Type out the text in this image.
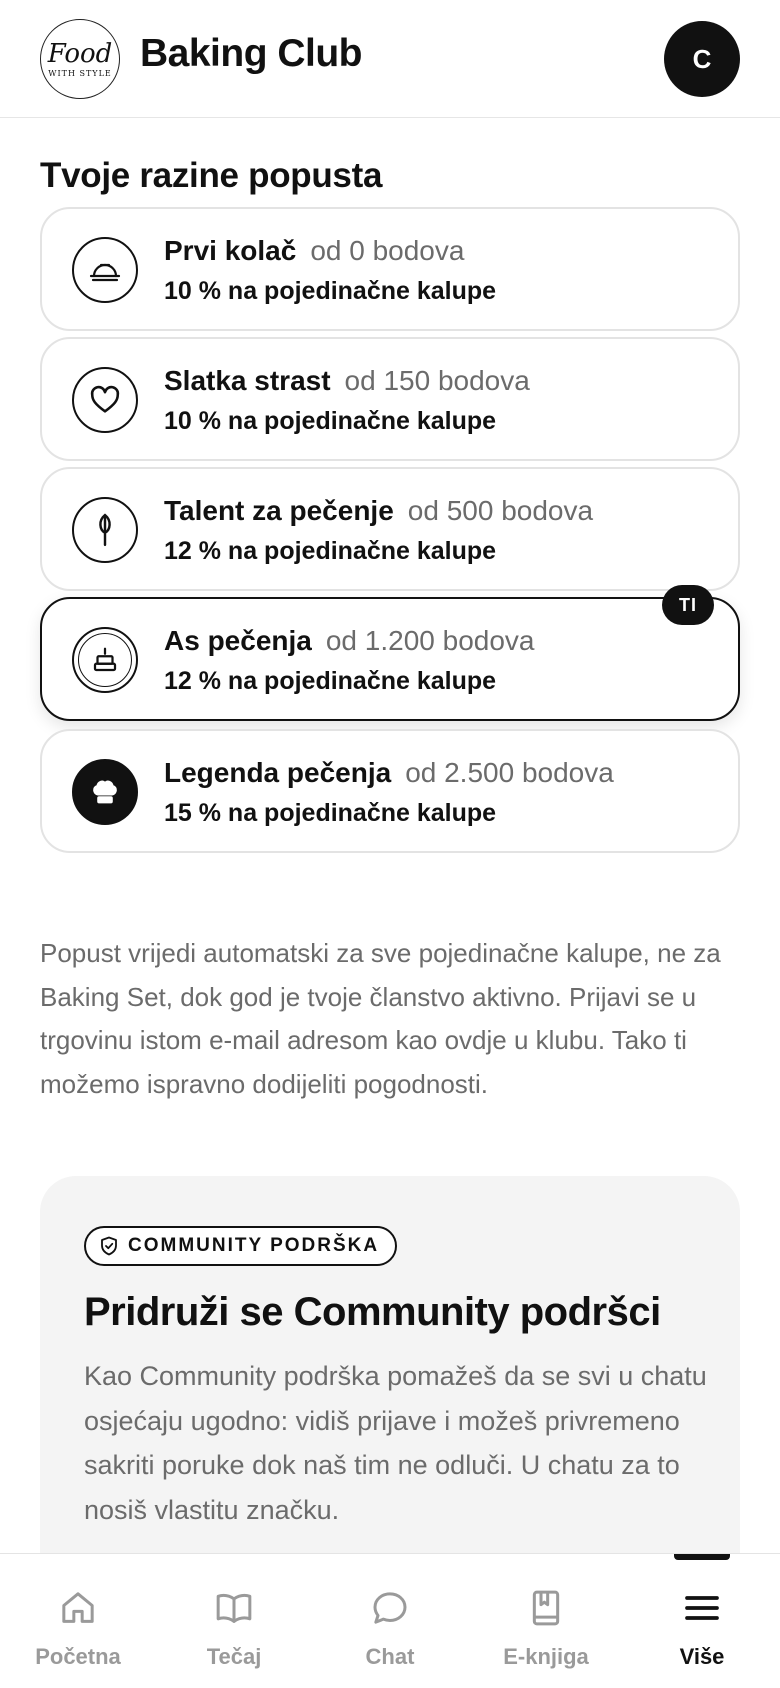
Food
WITH STYLE Baking Club	C
Tvoje razine popusta
Prvi kolač od 0 bodova
10 % na pojedinačne kalupe
Slatka strast od 150 bodova
10 % na pojedinačne kalupe
Talent za pečenje od 500 bodova
12 % na pojedinačne kalupe
TI
As pečenja od 1.200 bodova
12 % na pojedinačne kalupe
Legenda pečenja od 2.500 bodova
15 % na pojedinačne kalupe
Popust vrijedi automatski za sve pojedinačne kalupe, ne za Baking Set, dok god je tvoje članstvo aktivno. Prijavi se u trgovinu istom e-mail adresom kao ovdje u klubu. Tako ti možemo ispravno dodijeliti pogodnosti.
COMMUNITY PODRŠKA
Pridruži se Community podršci
Kao Community podrška pomažeš da se svi u chatu osjećaju ugodno: vidiš prijave i možeš privremeno sakriti poruke dok naš tim ne odluči. U chatu za to nosiš vlastitu značku.
Početna	Tečaj	Chat	E-knjiga	Više
